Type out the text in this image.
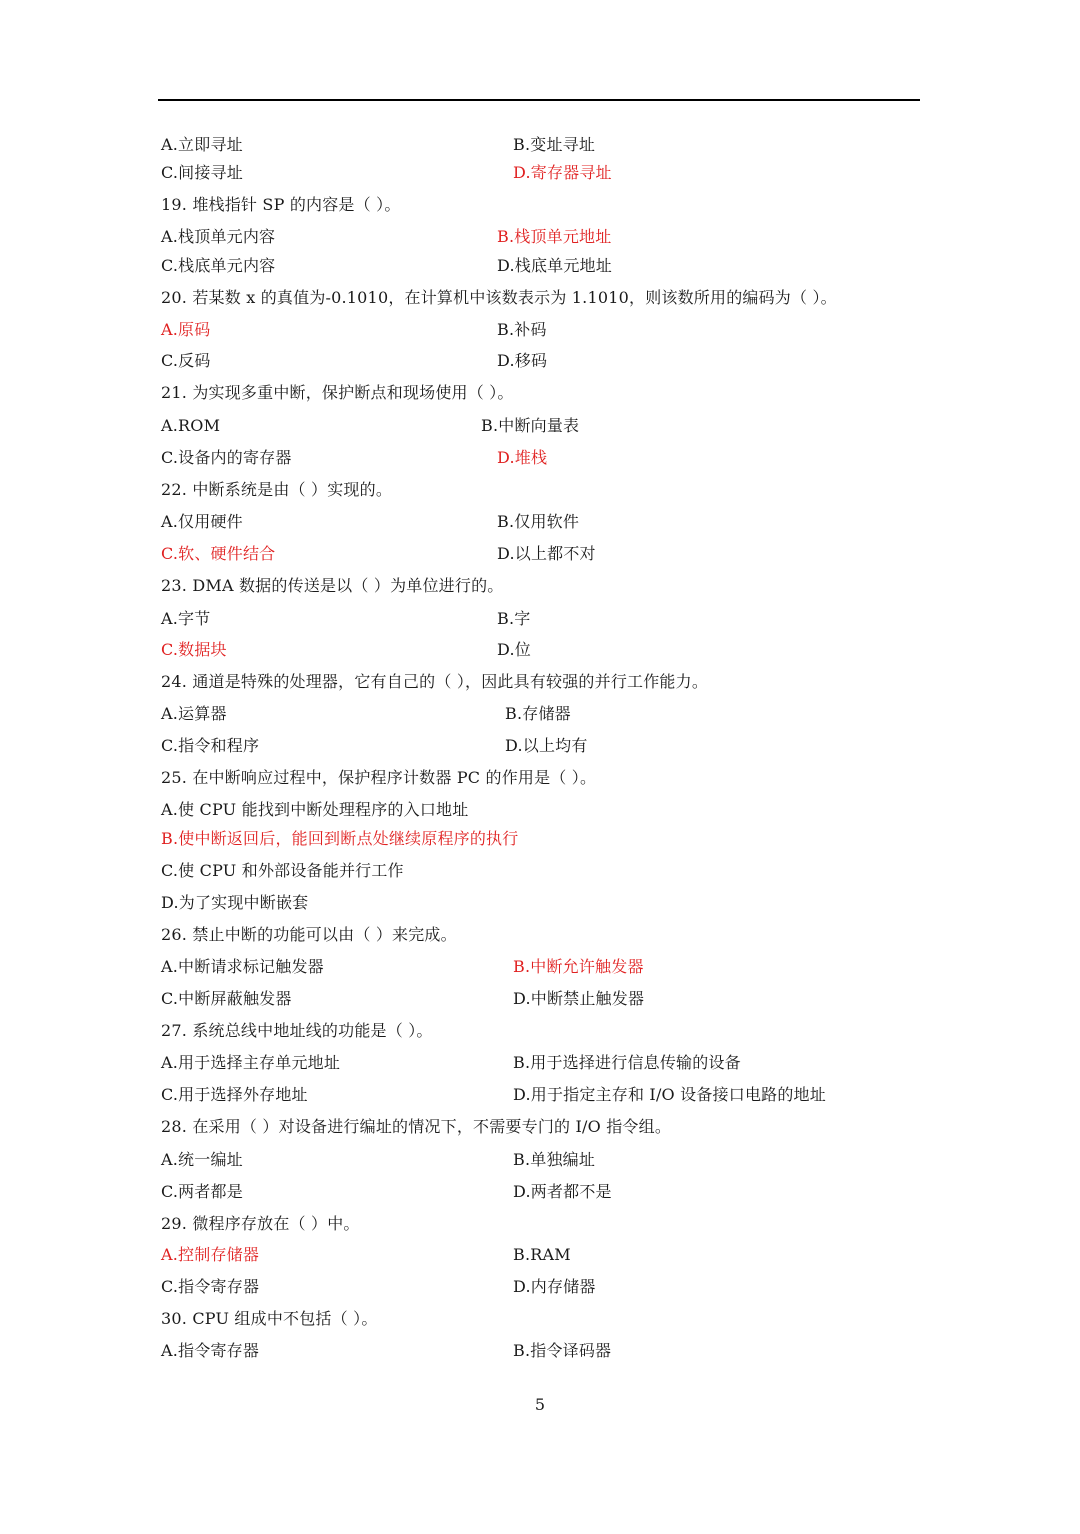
A.立即寻址	B.变址寻址
C.间接寻址	D.寄存器寻址
19. 堆栈指针 SP 的内容是（ ）。
A.栈顶单元内容	B.栈顶单元地址
C.栈底单元内容	D.栈底单元地址
20. 若某数 x 的真值为-0.1010，在计算机中该数表示为 1.1010，则该数所用的编码为（ ）。
A.原码	B.补码
C.反码	D.移码
21. 为实现多重中断，保护断点和现场使用（ ）。
A.ROM	B.中断向量表
C.设备内的寄存器	D.堆栈
22. 中断系统是由（ ）实现的。
A.仅用硬件	B.仅用软件
C.软、硬件结合	D.以上都不对
23. DMA 数据的传送是以（ ）为单位进行的。
A.字节	B.字
C.数据块	D.位
24. 通道是特殊的处理器，它有自己的（ ），因此具有较强的并行工作能力。
A.运算器	B.存储器
C.指令和程序	D.以上均有
25. 在中断响应过程中，保护程序计数器 PC 的作用是（ ）。
A.使 CPU 能找到中断处理程序的入口地址
B.使中断返回后，能回到断点处继续原程序的执行
C.使 CPU 和外部设备能并行工作
D.为了实现中断嵌套
26. 禁止中断的功能可以由（ ）来完成。
A.中断请求标记触发器	B.中断允许触发器
C.中断屏蔽触发器	D.中断禁止触发器
27. 系统总线中地址线的功能是（ ）。
A.用于选择主存单元地址	B.用于选择进行信息传输的设备
C.用于选择外存地址	D.用于指定主存和 I/O 设备接口电路的地址
28. 在采用（ ）对设备进行编址的情况下，不需要专门的 I/O 指令组。
A.统一编址	B.单独编址
C.两者都是	D.两者都不是
29. 微程序存放在（ ）中。
A.控制存储器	B.RAM
C.指令寄存器	D.内存储器
30. CPU 组成中不包括（ ）。
A.指令寄存器	B.指令译码器
5
